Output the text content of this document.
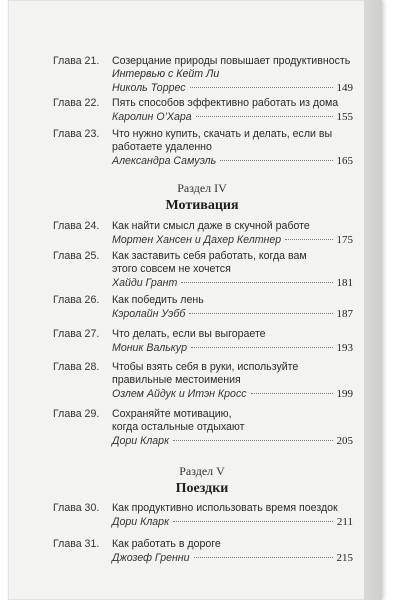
Глава 21.	Созерцание природы повышает продуктивность
Интервью с Кейт Ли
Николь Торрес	149
Глава 22.	Пять способов эффективно работать из дома
Каролин О’Хара	155
Глава 23.	Что нужно купить, скачать и делать, если вы
работаете удаленно
Александра Самуэль	165
Раздел IV
Мотивация
Глава 24.	Как найти смысл даже в скучной работе
Мортен Хансен и Дахер Келтнер	175
Глава 25.	Как заставить себя работать, когда вам
этого совсем не хочется
Хайди Грант	181
Глава 26.	Как победить лень
Кэролайн Уэбб	187
Глава 27.	Что делать, если вы выгораете
Моник Валькур	193
Глава 28.	Чтобы взять себя в руки, используйте
правильные местоимения
Озлем Айдук и Итэн Кросс	199
Глава 29.	Сохраняйте мотивацию,
когда остальные отдыхают
Дори Кларк	205
Раздел V
Поездки
Глава 30.	Как продуктивно использовать время поездок
Дори Кларк	211
Глава 31.	Как работать в дороге
Джозеф Гренни	215
